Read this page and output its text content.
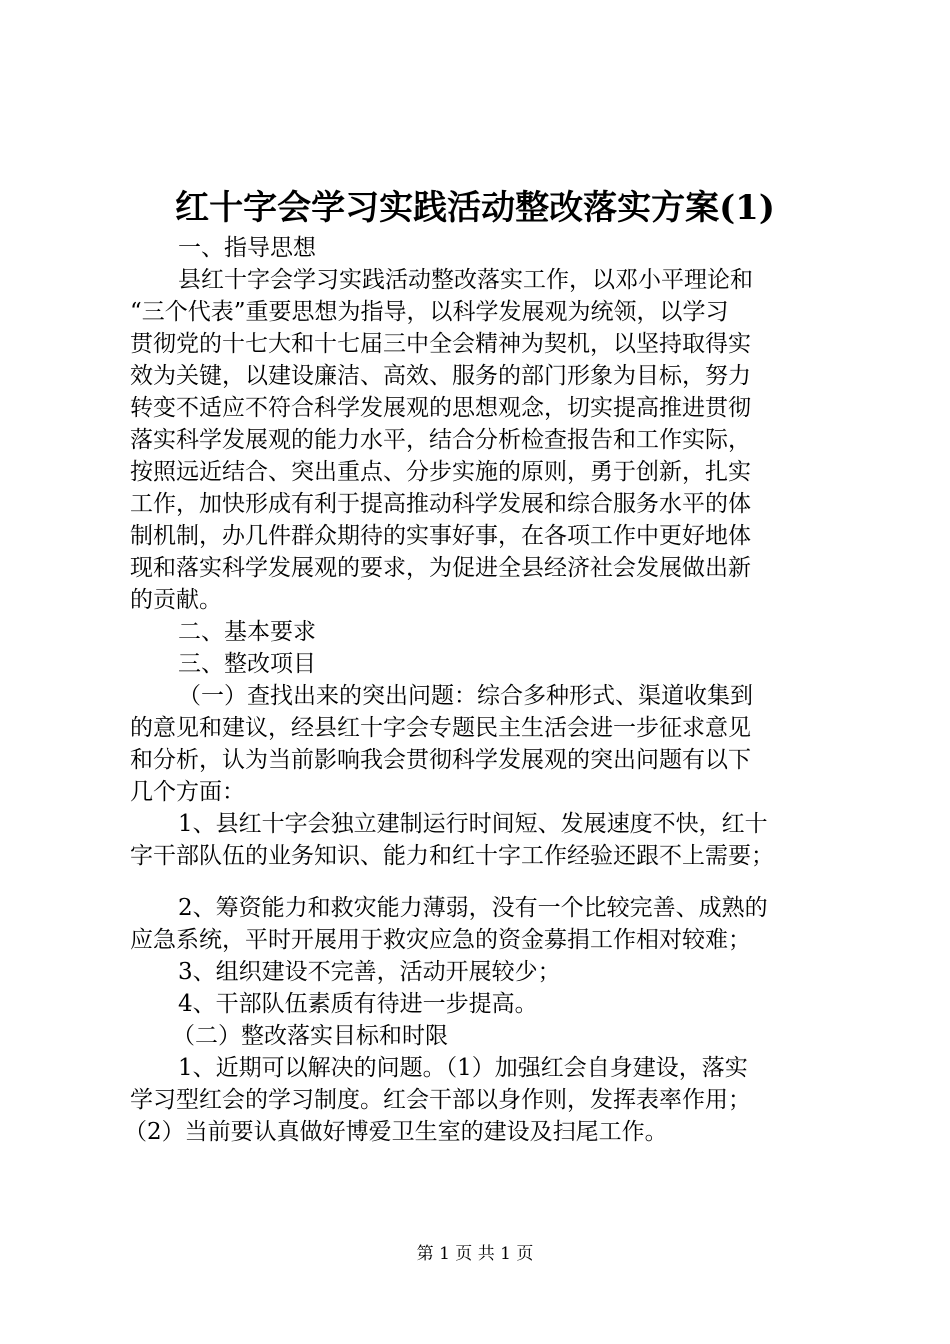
红十字会学习实践活动整改落实方案(1)
一、指导思想
县红十字会学习实践活动整改落实工作，以邓小平理论和
“三个代表”重要思想为指导，以科学发展观为统领，以学习
贯彻党的十七大和十七届三中全会精神为契机，以坚持取得实
效为关键，以建设廉洁、高效、服务的部门形象为目标，努力
转变不适应不符合科学发展观的思想观念，切实提高推进贯彻
落实科学发展观的能力水平，结合分析检查报告和工作实际，
按照远近结合、突出重点、分步实施的原则，勇于创新，扎实
工作，加快形成有利于提高推动科学发展和综合服务水平的体
制机制，办几件群众期待的实事好事，在各项工作中更好地体
现和落实科学发展观的要求，为促进全县经济社会发展做出新
的贡献。
二、基本要求
三、整改项目
（一）查找出来的突出问题：综合多种形式、渠道收集到
的意见和建议，经县红十字会专题民主生活会进一步征求意见
和分析，认为当前影响我会贯彻科学发展观的突出问题有以下
几个方面：
1、县红十字会独立建制运行时间短、发展速度不快，红十
字干部队伍的业务知识、能力和红十字工作经验还跟不上需要；
2、筹资能力和救灾能力薄弱，没有一个比较完善、成熟的
应急系统，平时开展用于救灾应急的资金募捐工作相对较难；
3、组织建设不完善，活动开展较少；
4、干部队伍素质有待进一步提高。
（二）整改落实目标和时限
1、近期可以解决的问题。（1）加强红会自身建设，落实
学习型红会的学习制度。红会干部以身作则，发挥表率作用；
（2）当前要认真做好博爱卫生室的建设及扫尾工作。
第 1 页 共 1 页
